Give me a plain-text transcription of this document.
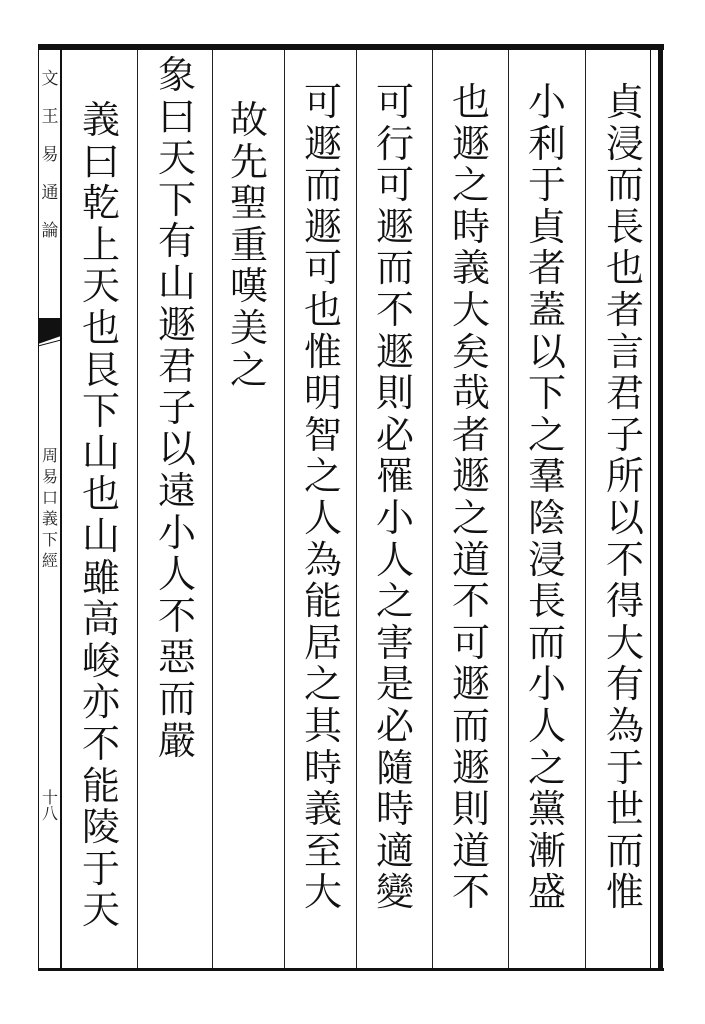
文
王
易
通
論
周
易
口
義
下
經
十
八
貞
浸
而
長
也
者
言
君
子
所
以
不
得
大
有
為
于
世
而
惟
小
利
于
貞
者
蓋
以
下
之
羣
陰
浸
長
而
小
人
之
黨
漸
盛
也
遯
之
時
義
大
矣
哉
者
遯
之
道
不
可
遯
而
遯
則
道
不
可
行
可
遯
而
不
遯
則
必
罹
小
人
之
害
是
必
隨
時
適
變
可
遯
而
遯
可
也
惟
明
智
之
人
為
能
居
之
其
時
義
至
大
故
先
聖
重
嘆
美
之
象
曰
天
下
有
山
遯
君
子
以
遠
小
人
不
惡
而
嚴
義
曰
乾
上
天
也
艮
下
山
也
山
雖
高
峻
亦
不
能
陵
于
天
